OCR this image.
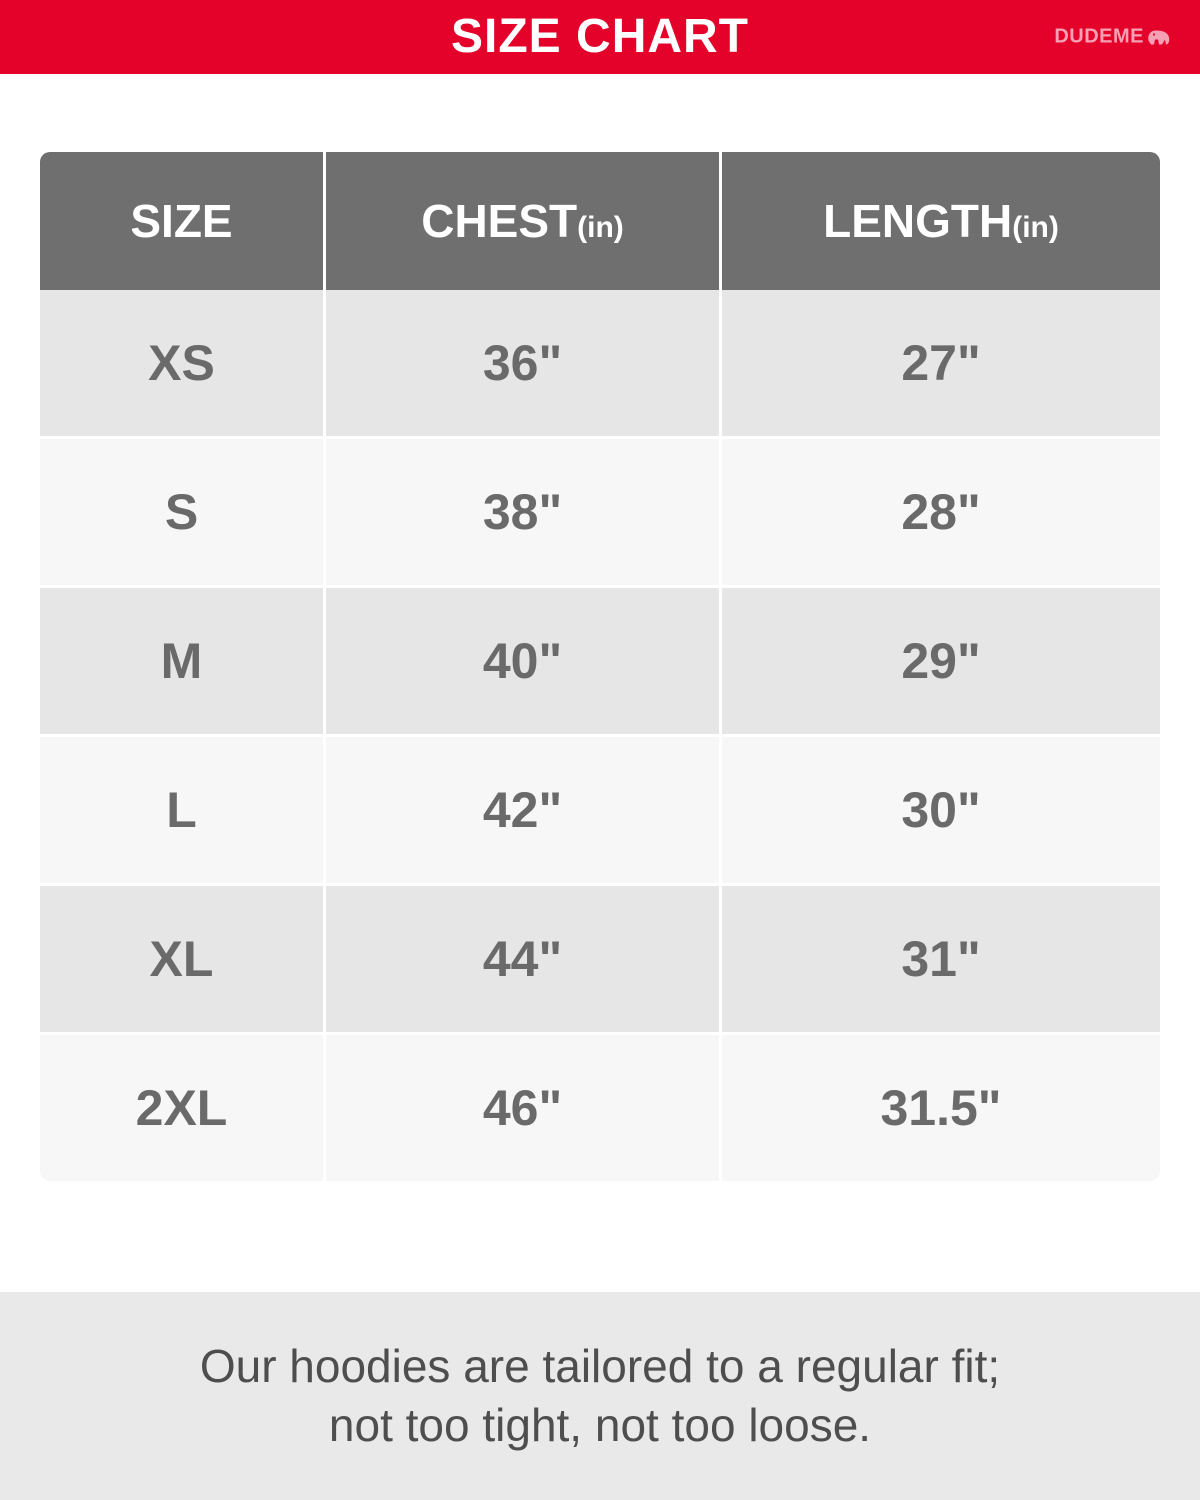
SIZE CHART	DUDEME
SIZE	CHEST(in)	LENGTH(in)
XS	36"	27"
S	38"	28"
M	40"	29"
L	42"	30"
XL	44"	31"
2XL	46"	31.5"
Our hoodies are tailored to a regular fit;
not too tight, not too loose.
